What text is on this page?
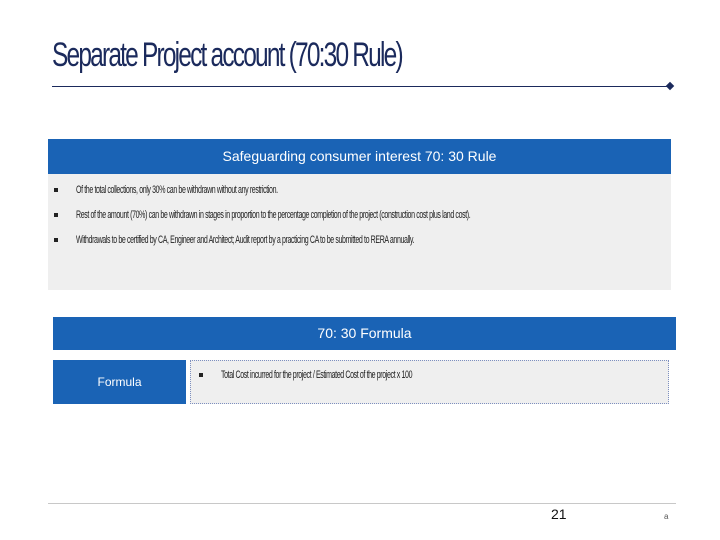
Separate Project account (70:30 Rule)
Safeguarding consumer interest 70: 30 Rule
Of the total collections, only 30% can be withdrawn without any restriction.
Rest of the amount (70%) can be withdrawn in stages in proportion to the percentage completion of the project (construction cost plus land cost).
Withdrawals to be certified by CA, Engineer and Architect; Audit report by a practicing CA to be submitted to RERA annually.
70: 30 Formula
Formula	Total Cost incurred for the project / Estimated Cost of the project x 100
21	a
